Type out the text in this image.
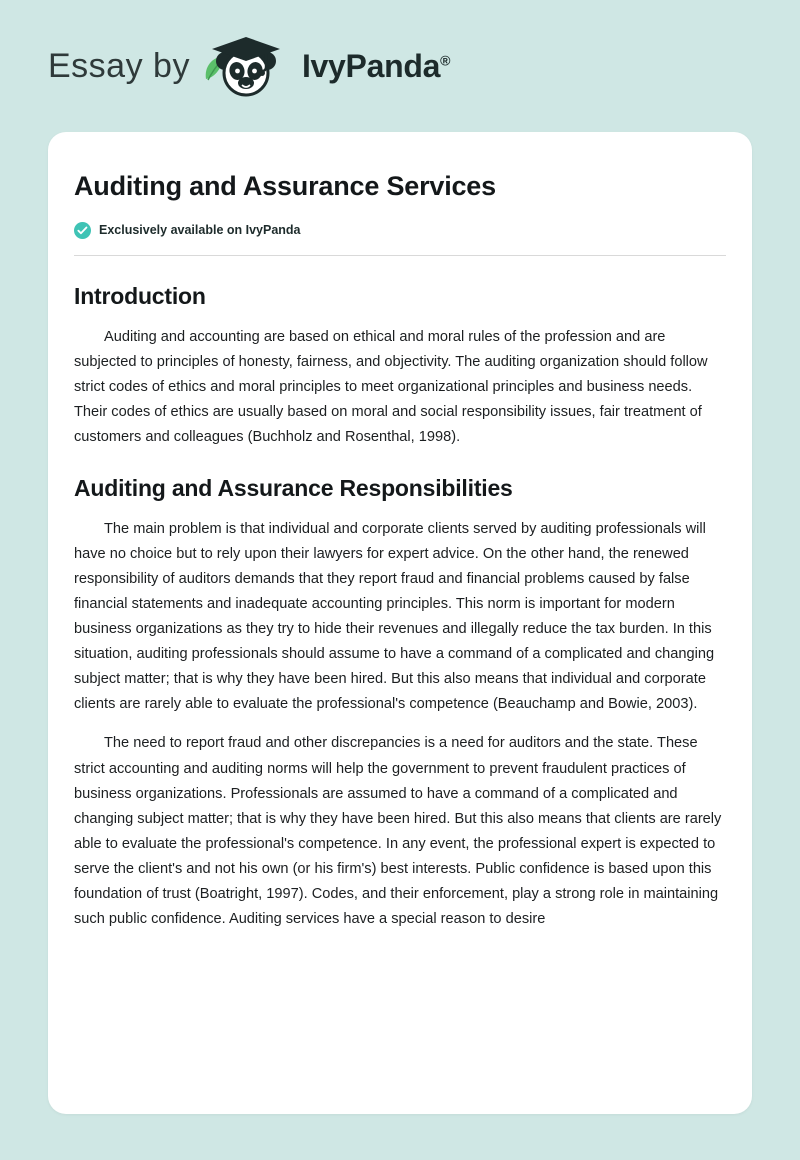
Essay by	IvyPanda®
Auditing and Assurance Services
Exclusively available on IvyPanda
Introduction

Auditing and accounting are based on ethical and moral rules of the profession and are subjected to principles of honesty, fairness, and objectivity. The auditing organization should follow strict codes of ethics and moral principles to meet organizational principles and business needs. Their codes of ethics are usually based on moral and social responsibility issues, fair treatment of customers and colleagues (Buchholz and Rosenthal, 1998).

Auditing and Assurance Responsibilities

The main problem is that individual and corporate clients served by auditing professionals will have no choice but to rely upon their lawyers for expert advice. On the other hand, the renewed responsibility of auditors demands that they report fraud and financial problems caused by false financial statements and inadequate accounting principles. This norm is important for modern business organizations as they try to hide their revenues and illegally reduce the tax burden. In this situation, auditing professionals should assume to have a command of a complicated and changing subject matter; that is why they have been hired. But this also means that individual and corporate clients are rarely able to evaluate the professional's competence (Beauchamp and Bowie, 2003).

The need to report fraud and other discrepancies is a need for auditors and the state. These strict accounting and auditing norms will help the government to prevent fraudulent practices of business organizations. Professionals are assumed to have a command of a complicated and changing subject matter; that is why they have been hired. But this also means that clients are rarely able to evaluate the professional's competence. In any event, the professional expert is expected to serve the client's and not his own (or his firm's) best interests. Public confidence is based upon this foundation of trust (Boatright, 1997). Codes, and their enforcement, play a strong role in maintaining such public confidence. Auditing services have a special reason to desire
